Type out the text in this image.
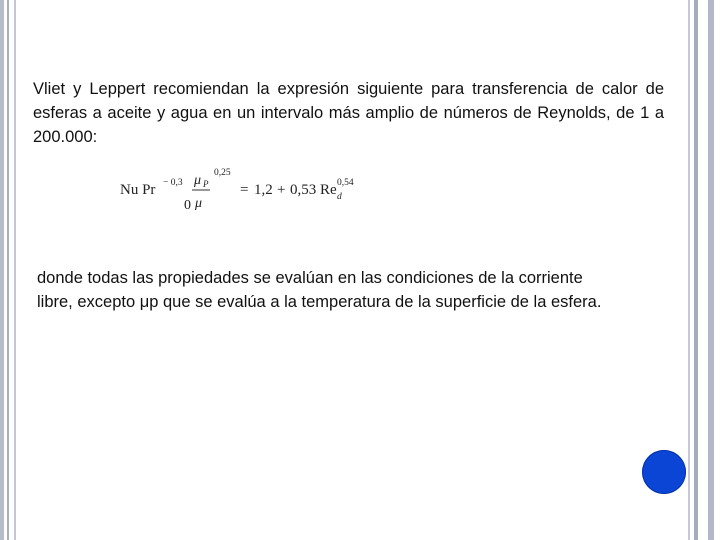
Vliet y Leppert recomiendan la expresión siguiente para transferencia de calor de esferas a aceite y agua en un intervalo más amplio de números de Reynolds, de 1 a 200.000:

Nu Pr − 0,3 μ P
0 μ
0,25
= 1,2 + 0,53 Re d
0,54
donde todas las propiedades se evalúan en las condiciones de la corriente
libre, excepto μp que se evalúa a la temperatura de la superficie de la esfera.
